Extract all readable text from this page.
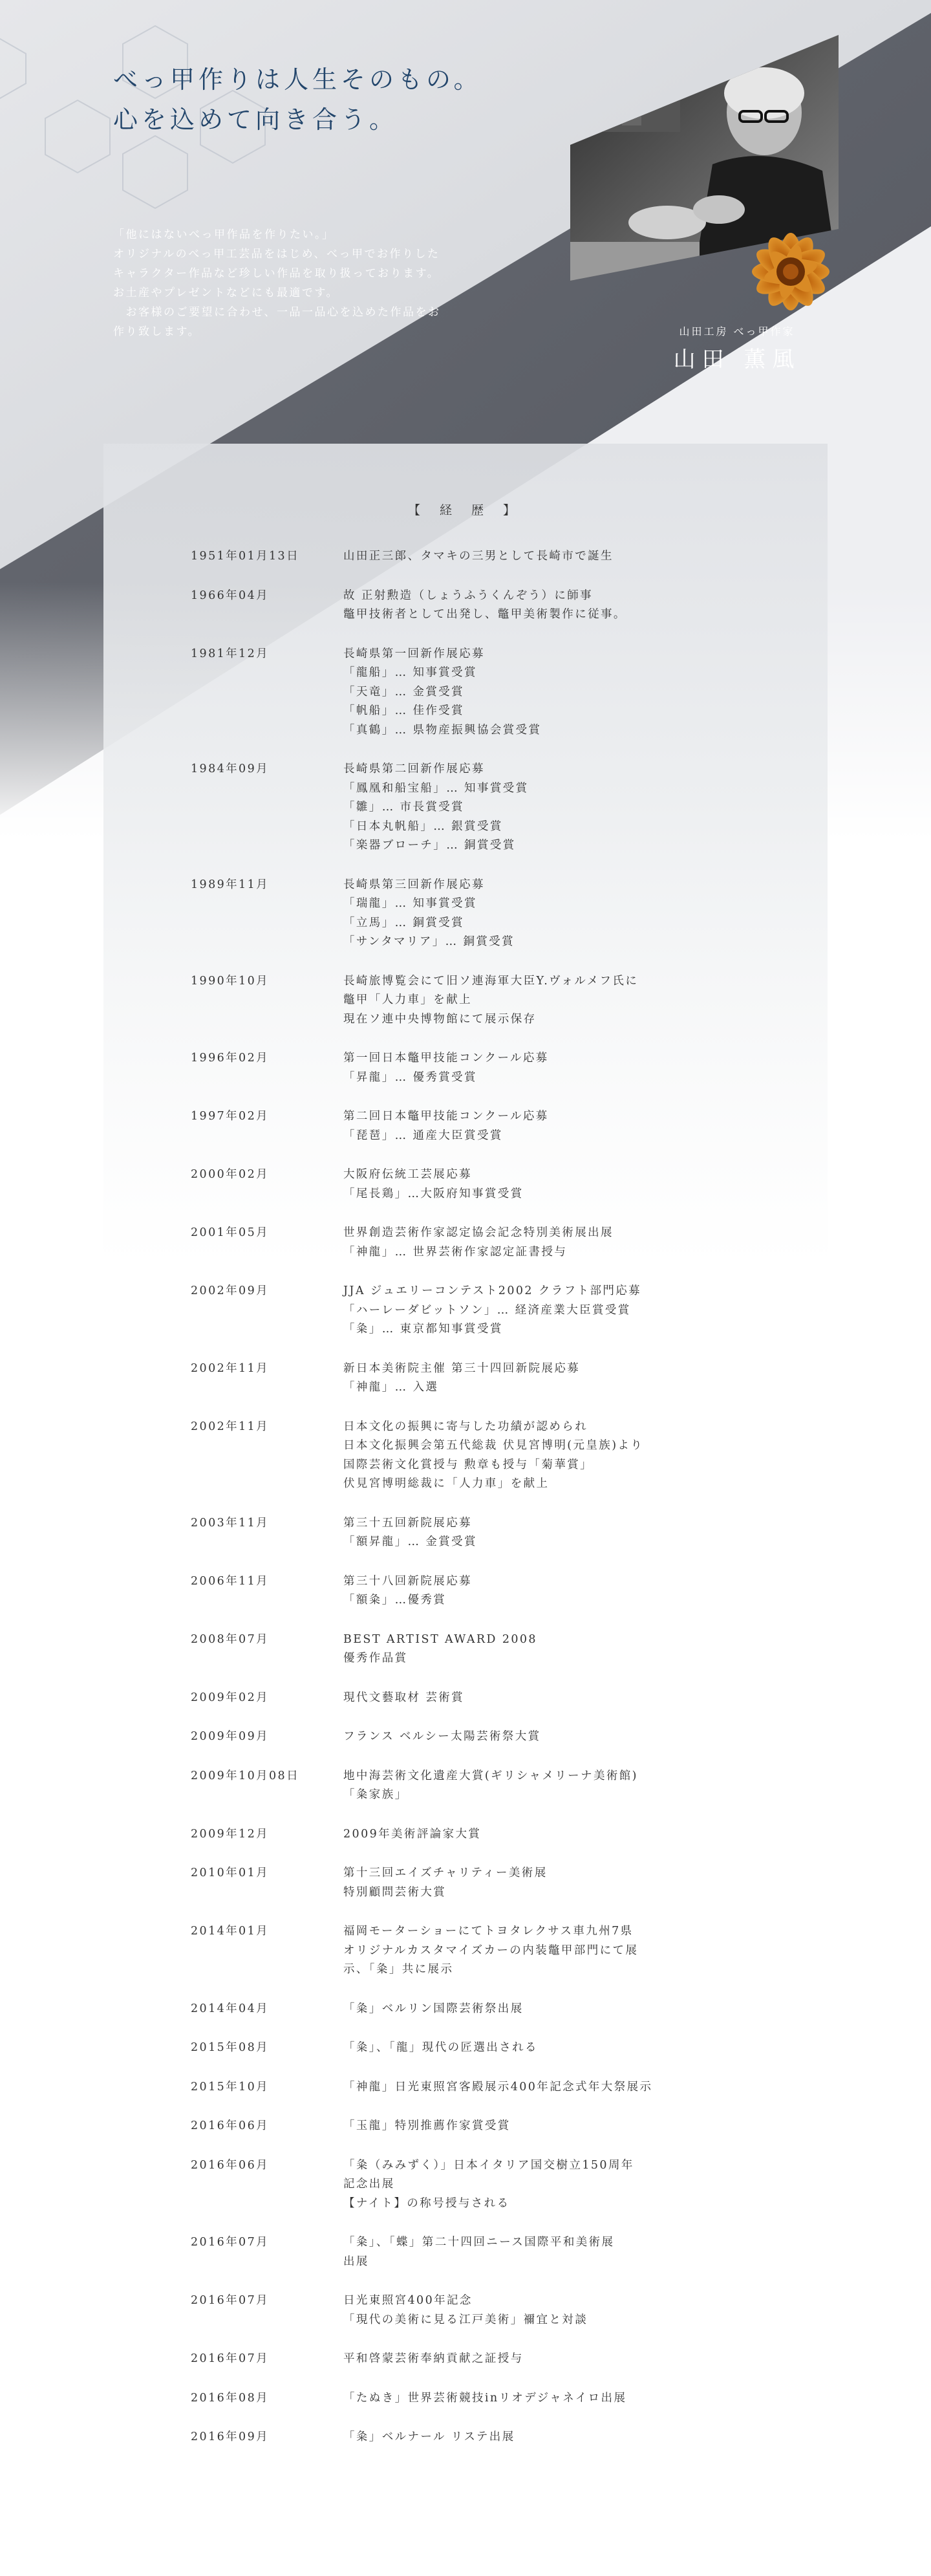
べっ甲作りは人生そのもの。
心を込めて向き合う。

「他にはないべっ甲作品を作りたい。」

オリジナルのべっ甲工芸品をはじめ、べっ甲でお作りした

キャラクター作品など珍しい作品を取り扱っております。

お土産やプレゼントなどにも最適です。

　お客様のご要望に合わせ、一品一品心を込めた作品をお

作り致します。	山田工房 べっ甲作家
山田 薫風
【 経 歴 】
1951年01月13日	山田正三郎、タマキの三男として長崎市で誕生
1966年04月	故 正射勲造（しょうふうくんぞう）に師事
鼈甲技術者として出発し、鼈甲美術製作に従事。
1981年12月	長崎県第一回新作展応募
「龍船」… 知事賞受賞
「天竜」… 金賞受賞
「帆船」… 佳作受賞
「真鶴」… 県物産振興協会賞受賞
1984年09月	長崎県第二回新作展応募
「鳳凰和船宝船」… 知事賞受賞
「雛」… 市長賞受賞
「日本丸帆船」… 銀賞受賞
「楽器ブローチ」… 銅賞受賞
1989年11月	長崎県第三回新作展応募
「瑞龍」… 知事賞受賞
「立馬」… 銅賞受賞
「サンタマリア」… 銅賞受賞
1990年10月	長崎旅博覧会にて旧ソ連海軍大臣Y.ヴォルメフ氏に
鼈甲「人力車」を献上
現在ソ連中央博物館にて展示保存
1996年02月	第一回日本鼈甲技能コンクール応募
「昇龍」… 優秀賞受賞
1997年02月	第二回日本鼈甲技能コンクール応募
「琵琶」… 通産大臣賞受賞
2000年02月	大阪府伝統工芸展応募
「尾長鶏」…大阪府知事賞受賞
2001年05月	世界創造芸術作家認定協会記念特別美術展出展
「神龍」… 世界芸術作家認定証書授与
2002年09月	JJA ジュエリーコンテスト2002 クラフト部門応募
「ハーレーダビットソン」… 経済産業大臣賞受賞
「粂」… 東京都知事賞受賞
2002年11月	新日本美術院主催 第三十四回新院展応募
「神龍」… 入選
2002年11月	日本文化の振興に寄与した功績が認められ
日本文化振興会第五代総裁 伏見宮博明(元皇族)より
国際芸術文化賞授与 勲章も授与「菊華賞」
伏見宮博明総裁に「人力車」を献上
2003年11月	第三十五回新院展応募
「額昇龍」… 金賞受賞
2006年11月	第三十八回新院展応募
「額粂」…優秀賞
2008年07月	BEST ARTIST AWARD 2008
優秀作品賞
2009年02月	現代文藝取材 芸術賞
2009年09月	フランス ベルシー太陽芸術祭大賞
2009年10月08日	地中海芸術文化遺産大賞(ギリシャメリーナ美術館)
「粂家族」
2009年12月	2009年美術評論家大賞
2010年01月	第十三回エイズチャリティー美術展
特別顧問芸術大賞
2014年01月	福岡モーターショーにてトヨタレクサス車九州7県
オリジナルカスタマイズカーの内装鼈甲部門にて展
示、「粂」共に展示
2014年04月	「粂」ベルリン国際芸術祭出展
2015年08月	「粂」、「龍」現代の匠選出される
2015年10月	「神龍」日光東照宮客殿展示400年記念式年大祭展示
2016年06月	「玉龍」特別推薦作家賞受賞
2016年06月	「粂（みみずく）」日本イタリア国交樹立150周年
記念出展
【ナイト】の称号授与される
2016年07月	「粂」、「蝶」第二十四回ニース国際平和美術展
出展
2016年07月	日光東照宮400年記念
「現代の美術に見る江戸美術」禰宜と対談
2016年07月	平和啓蒙芸術奉納貢献之証授与
2016年08月	「たぬき」世界芸術競技inリオデジャネイロ出展
2016年09月	「粂」ベルナール リステ出展
